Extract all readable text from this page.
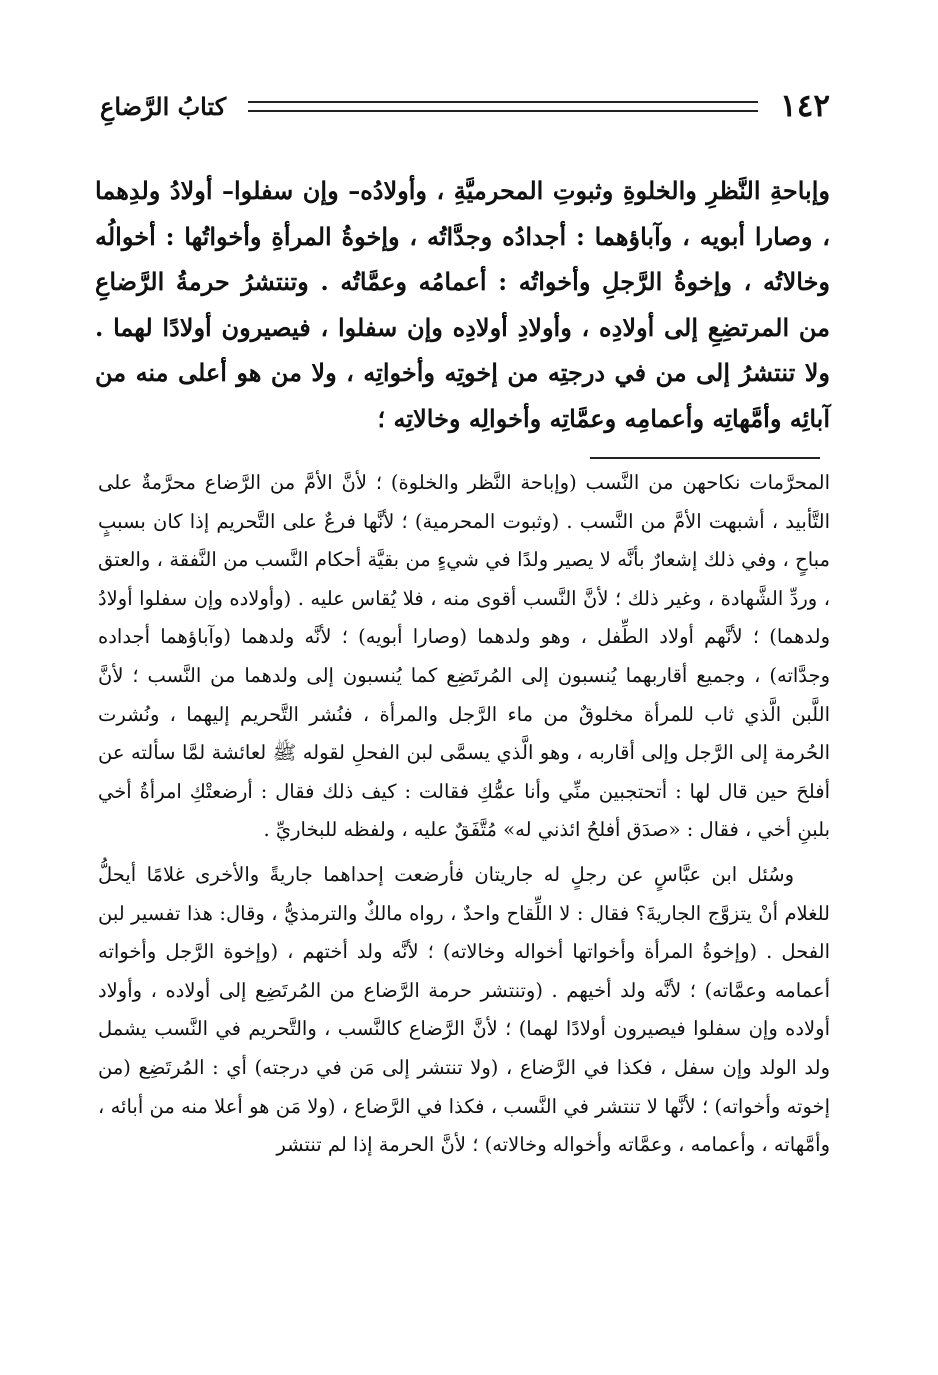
١٤٢
كتابُ الرَّضاعِ

وإباحةِ النَّظرِ والخلوةِ وثبوتِ المحرميَّةِ ، وأولادُه– وإن سفلوا– أولادُ ولدِهما ، وصارا أبويه ، وآباؤهما : أجدادُه وجدَّاتُه ، وإخوةُ المرأةِ وأخواتُها : أخوالُه وخالاتُه ، وإخوةُ الرَّجلِ وأخواتُه : أعمامُه وعمَّاتُه . وتنتشرُ حرمةُ الرَّضاعِ من المرتضِعِ إلى أولادِه ، وأولادِ أولادِه وإن سفلوا ، فيصيرون أولادًا لهما . ولا تنتشرُ إلى من في درجتِه من إخوتِه وأخواتِه ، ولا من هو أعلى منه من آبائِه وأمَّهاتِه وأعمامِه وعمَّاتِه وأخوالِه وخالاتِه ؛

المحرَّمات نكاحهن من النَّسب (وإباحة النَّظر والخلوة) ؛ لأنَّ الأمَّ من الرَّضاع محرَّمةٌ على التَّأبيد ، أشبهت الأمَّ من النَّسب . (وثبوت المحرمية) ؛ لأنَّها فرعٌ على التَّحريم إذا كان بسببٍ مباحٍ ، وفي ذلك إشعارٌ بأنَّه لا يصير ولدًا في شيءٍ من بقيَّة أحكام النَّسب من النَّفقة ، والعتق ، وردِّ الشَّهادة ، وغير ذلك ؛ لأنَّ النَّسب أقوى منه ، فلا يُقاس عليه . (وأولاده وإن سفلوا أولادُ ولدهما) ؛ لأنَّهم أولاد الطِّفل ، وهو ولدهما (وصارا أبويه) ؛ لأنَّه ولدهما (وآباؤهما أجداده وجدَّاته) ، وجميع أقاربهما يُنسبون إلى المُرتَضِع كما يُنسبون إلى ولدهما من النَّسب ؛ لأنَّ اللَّبن الَّذي ثاب للمرأة مخلوقٌ من ماء الرَّجل والمرأة ، فنُشر التَّحريم إليهما ، ونُشرت الحُرمة إلى الرَّجل وإلى أقاربه ، وهو الَّذي يسمَّى لبن الفحلِ لقوله ﷺ لعائشة لمَّا سألته عن أفلحَ حين قال لها : أتحتجبين منِّي وأنا عمُّكِ فقالت : كيف ذلك فقال : أرضعتْكِ امرأةُ أخي بلبنِ أخي ، فقال : «صدَق أفلحُ ائذني له» مُتَّفَقٌ عليه ، ولفظه للبخاريِّ .

وسُئل ابن عبَّاسٍ عن رجلٍ له جاريتان فأرضعت إحداهما جاريةً والأخرى غلامًا أيحلُّ للغلام أنْ يتزوَّج الجاريةَ؟ فقال : لا اللِّقاح واحدٌ ، رواه مالكٌ والترمذيُّ ، وقال: هذا تفسير لبن الفحل . (وإخوةُ المرأة وأخواتها أخواله وخالاته) ؛ لأنَّه ولد أختهم ، (وإخوة الرَّجل وأخواته أعمامه وعمَّاته) ؛ لأنَّه ولد أخيهم . (وتنتشر حرمة الرَّضاع من المُرتَضِع إلى أولاده ، وأولاد أولاده وإن سفلوا فيصيرون أولادًا لهما) ؛ لأنَّ الرَّضاع كالنَّسب ، والتَّحريم في النَّسب يشمل ولد الولد وإن سفل ، فكذا في الرَّضاع ، (ولا تنتشر إلى مَن في درجته) أي : المُرتَضِع (من إخوته وأخواته) ؛ لأنَّها لا تنتشر في النَّسب ، فكذا في الرَّضاع ، (ولا مَن هو أعلا منه من أبائه ، وأمَّهاته ، وأعمامه ، وعمَّاته وأخواله وخالاته) ؛ لأنَّ الحرمة إذا لم تنتشر
